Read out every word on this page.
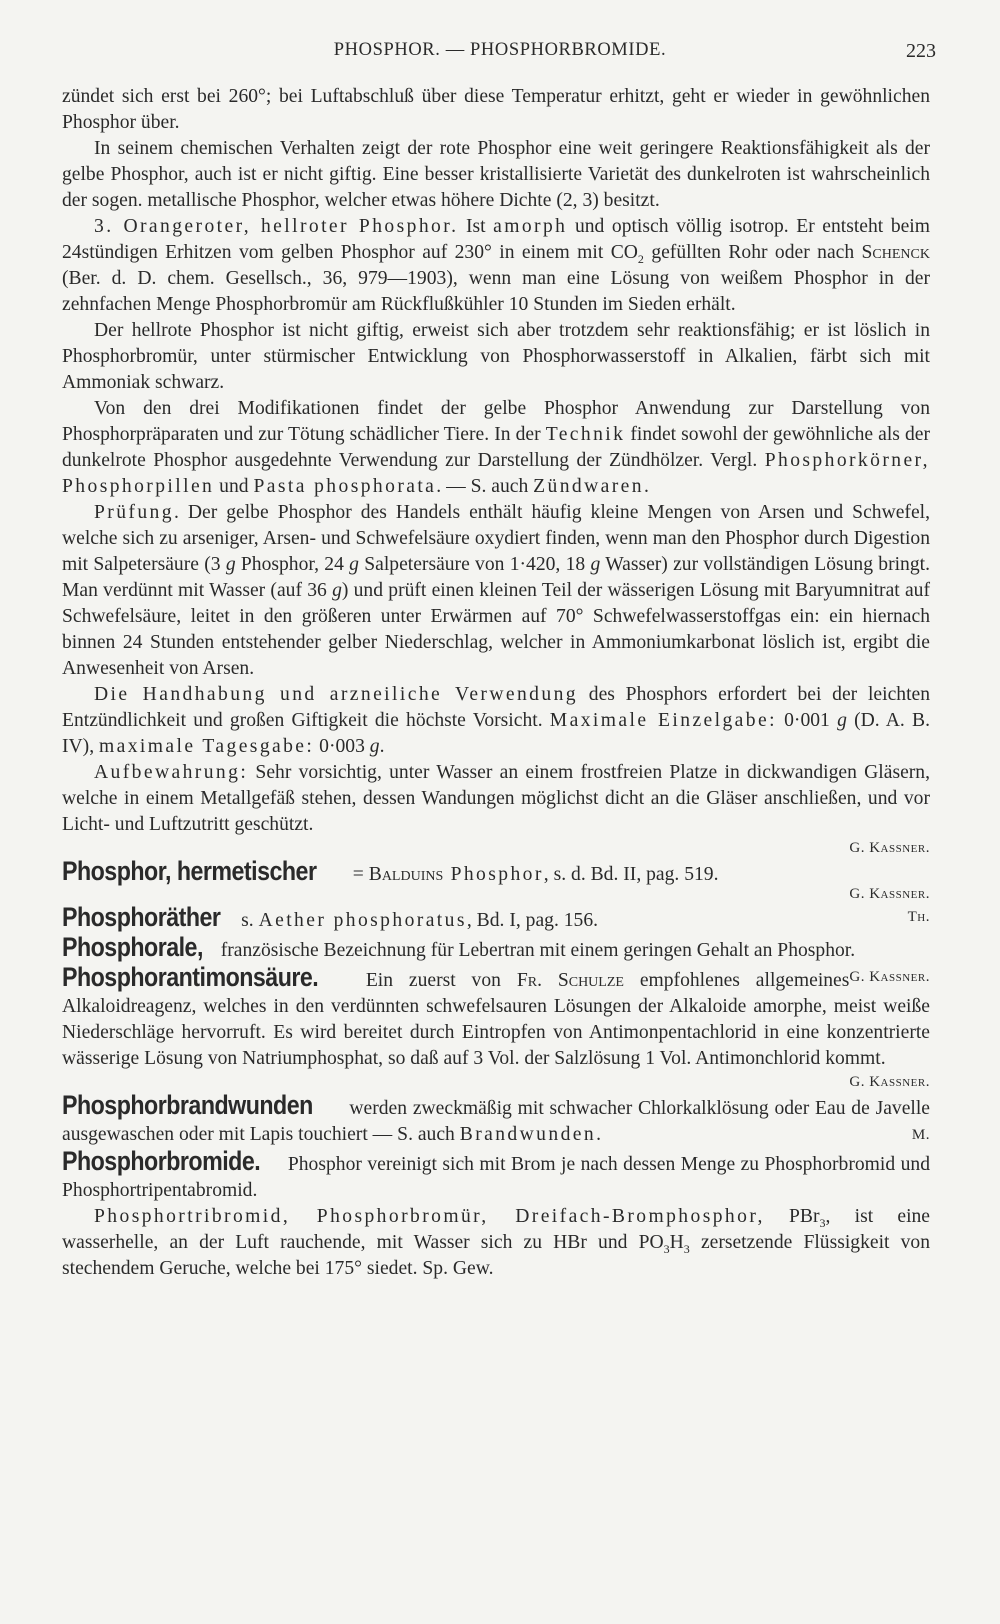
PHOSPHOR. — PHOSPHORBROMIDE.	223

zündet sich erst bei 260°; bei Luftabschluß über diese Temperatur erhitzt, geht er wieder in gewöhnlichen Phosphor über.

In seinem chemischen Verhalten zeigt der rote Phosphor eine weit geringere Reaktionsfähigkeit als der gelbe Phosphor, auch ist er nicht giftig. Eine besser kristallisierte Varietät des dunkelroten ist wahrscheinlich der sogen. metallische Phosphor, welcher etwas höhere Dichte (2, 3) besitzt.

3. Orangeroter, hellroter Phosphor. Ist amorph und optisch völlig isotrop. Er entsteht beim 24stündigen Erhitzen vom gelben Phosphor auf 230° in einem mit $CO_2$ gefüllten Rohr oder nach Schenck (Ber. d. D. chem. Gesellsch., 36, 979—1903), wenn man eine Lösung von weißem Phosphor in der zehnfachen Menge Phosphorbromür am Rückflußkühler 10 Stunden im Sieden erhält.

Der hellrote Phosphor ist nicht giftig, erweist sich aber trotzdem sehr reaktionsfähig; er ist löslich in Phosphorbromür, unter stürmischer Entwicklung von Phosphorwasserstoff in Alkalien, färbt sich mit Ammoniak schwarz.

Von den drei Modifikationen findet der gelbe Phosphor Anwendung zur Darstellung von Phosphorpräparaten und zur Tötung schädlicher Tiere. In der Technik findet sowohl der gewöhnliche als der dunkelrote Phosphor ausgedehnte Verwendung zur Darstellung der Zündhölzer. Vergl. Phosphorkörner, Phosphorpillen und Pasta phosphorata. — S. auch Zündwaren.

Prüfung. Der gelbe Phosphor des Handels enthält häufig kleine Mengen von Arsen und Schwefel, welche sich zu arseniger, Arsen- und Schwefelsäure oxydiert finden, wenn man den Phosphor durch Digestion mit Salpetersäure (3 g Phosphor, 24 g Salpetersäure von 1·420, 18 g Wasser) zur vollständigen Lösung bringt. Man verdünnt mit Wasser (auf 36 g) und prüft einen kleinen Teil der wässerigen Lösung mit Baryumnitrat auf Schwefelsäure, leitet in den größeren unter Erwärmen auf 70° Schwefelwasserstoffgas ein: ein hiernach binnen 24 Stunden entstehender gelber Niederschlag, welcher in Ammoniumkarbonat löslich ist, ergibt die Anwesenheit von Arsen.

Die Handhabung und arzneiliche Verwendung des Phosphors erfordert bei der leichten Entzündlichkeit und großen Giftigkeit die höchste Vorsicht. Maximale Einzelgabe: 0·001 g (D. A. B. IV), maximale Tagesgabe: 0·003 g.

Aufbewahrung: Sehr vorsichtig, unter Wasser an einem frostfreien Platze in dickwandigen Gläsern, welche in einem Metallgefäß stehen, dessen Wandungen möglichst dicht an die Gläser anschließen, und vor Licht- und Luftzutritt geschützt.

G. Kassner.

Phosphor, hermetischer = Balduins Phosphor, s. d. Bd. II, pag. 519.

G. Kassner.

Phosphoräther s. Aether phosphoratus, Bd. I, pag. 156.	Th.

Phosphorale, französische Bezeichnung für Lebertran mit einem geringen Gehalt an Phosphor.
G. Kassner.

Phosphorantimonsäure. Ein zuerst von Fr. Schulze empfohlenes allgemeines Alkaloidreagenz, welches in den verdünnten schwefelsauren Lösungen der Alkaloide amorphe, meist weiße Niederschläge hervorruft. Es wird bereitet durch Eintropfen von Antimonpentachlorid in eine konzentrierte wässerige Lösung von Natriumphosphat, so daß auf 3 Vol. der Salzlösung 1 Vol. Antimonchlorid kommt.

G. Kassner.

Phosphorbrandwunden werden zweckmäßig mit schwacher Chlorkalklösung oder Eau de Javelle ausgewaschen oder mit Lapis touchiert — S. auch Brandwunden.	M.

Phosphorbromide. Phosphor vereinigt sich mit Brom je nach dessen Menge zu Phosphorbromid und Phosphortripentabromid.

Phosphortribromid, Phosphorbromür, Dreifach-Bromphosphor, PBr$_3$, ist eine wasserhelle, an der Luft rauchende, mit Wasser sich zu HBr und $PO_3H_3$ zersetzende Flüssigkeit von stechendem Geruche, welche bei 175° siedet. Sp. Gew.
